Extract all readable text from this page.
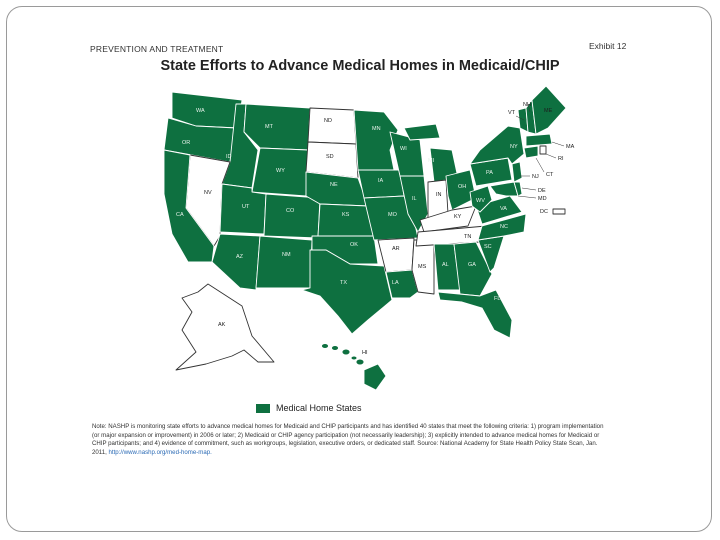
PREVENTION AND TREATMENT	Exhibit 12
State Efforts to Advance Medical Homes in Medicaid/CHIP
WA
OR
CA
ID
NV
MT
WY
UT
AZ
CO
NM
ND
SD
NE
KS
OK
TX
MN
IA
MO
AR
LA
WI
IL
MS
MI
IN
KY
TN
AL
OH
GA
FL
SC
NC
VA
WV
PA
NY
VT
NH
ME
MA
RI
CT
NJ
DE
MD
DC
AK
HI
Medical Home States
Note: NASHP is monitoring state efforts to advance medical homes for Medicaid and CHIP participants and has identified 40 states that meet the following criteria: 1) program implementation (or major expansion or improvement) in 2006 or later; 2) Medicaid or CHIP agency participation (not necessarily leadership); 3) explicitly intended to advance medical homes for Medicaid or CHIP participants; and 4) evidence of commitment, such as workgroups, legislation, executive orders, or dedicated staff. Source: National Academy for State Health Policy State Scan, Jan. 2011, http://www.nashp.org/med-home-map.
